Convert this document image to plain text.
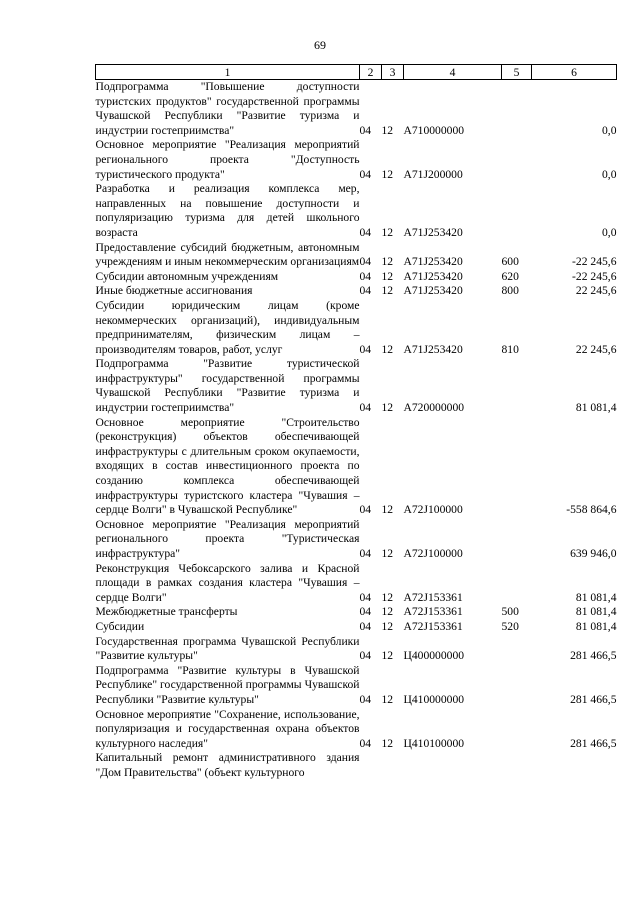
69
1	2	3	4	5	6
Подпрограмма "Повышение доступности туристских продуктов" государственной программы Чувашской Республики "Развитие туризма и индустрии гостеприимства"	04	12	А710000000		0,0
Основное мероприятие "Реализация мероприятий регионального проекта "Доступность туристического продукта"	04	12	А71J200000		0,0
Разработка и реализация комплекса мер, направленных на повышение доступности и популяризацию туризма для детей школьного возраста	04	12	А71J253420		0,0
Предоставление субсидий бюджетным, автономным учреждениям и иным некоммерческим организациям	04	12	А71J253420	600	-22 245,6
Субсидии автономным учреждениям	04	12	А71J253420	620	-22 245,6
Иные бюджетные ассигнования	04	12	А71J253420	800	22 245,6
Субсидии юридическим лицам (кроме некоммерческих организаций), индивидуальным предпринимателям, физическим лицам – производителям товаров, работ, услуг	04	12	А71J253420	810	22 245,6
Подпрограмма "Развитие туристической инфраструктуры" государственной программы Чувашской Республики "Развитие туризма и индустрии гостеприимства"	04	12	А720000000		81 081,4
Основное мероприятие "Строительство (реконструкция) объектов обеспечивающей инфраструктуры с длительным сроком окупаемости, входящих в состав инвестиционного проекта по созданию комплекса обеспечивающей инфраструктуры туристского кластера "Чувашия – сердце Волги" в Чувашской Республике"	04	12	А72J100000		-558 864,6
Основное мероприятие "Реализация мероприятий регионального проекта "Туристическая инфраструктура"	04	12	А72J100000		639 946,0
Реконструкция Чебоксарского залива и Красной площади в рамках создания кластера "Чувашия – сердце Волги"	04	12	А72J153361		81 081,4
Межбюджетные трансферты	04	12	А72J153361	500	81 081,4
Субсидии	04	12	А72J153361	520	81 081,4
Государственная программа Чувашской Республики "Развитие культуры"	04	12	Ц400000000		281 466,5
Подпрограмма "Развитие культуры в Чувашской Республике" государственной программы Чувашской Республики "Развитие культуры"	04	12	Ц410000000		281 466,5
Основное мероприятие "Сохранение, использование, популяризация и государственная охрана объектов культурного наследия"	04	12	Ц410100000		281 466,5
Капитальный ремонт административного здания "Дом Правительства" (объект культурного					
